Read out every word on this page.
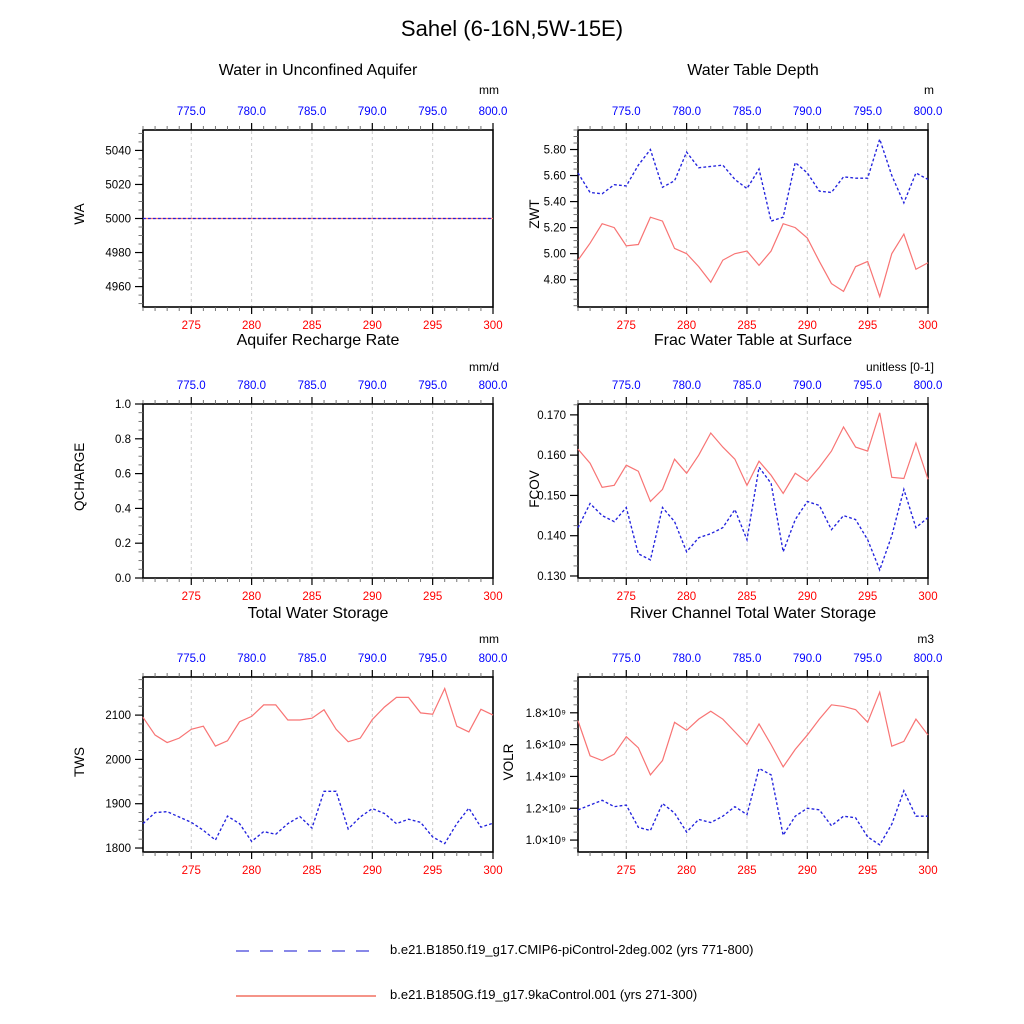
Sahel (6-16N,5W-15E)
Water in Unconfined Aquifer
mm
WA
775.0
275
780.0
280
785.0
285
790.0
290
795.0
295
800.0
300
4960
4980
5000
5020
5040
Water Table Depth
m
ZWT
775.0
275
780.0
280
785.0
285
790.0
290
795.0
295
800.0
300
4.80
5.00
5.20
5.40
5.60
5.80
Aquifer Recharge Rate
mm/d
QCHARGE
775.0
275
780.0
280
785.0
285
790.0
290
795.0
295
800.0
300
0.0
0.2
0.4
0.6
0.8
1.0
Frac Water Table at Surface
unitless [0-1]
FCOV
775.0
275
780.0
280
785.0
285
790.0
290
795.0
295
800.0
300
0.130
0.140
0.150
0.160
0.170
Total Water Storage
mm
TWS
775.0
275
780.0
280
785.0
285
790.0
290
795.0
295
800.0
300
1800
1900
2000
2100
River Channel Total Water Storage
m3
VOLR
775.0
275
780.0
280
785.0
285
790.0
290
795.0
295
800.0
300
1.0×10⁹
1.2×10⁹
1.4×10⁹
1.6×10⁹
1.8×10⁹
b.e21.B1850.f19_g17.CMIP6-piControl-2deg.002 (yrs 771-800)
b.e21.B1850G.f19_g17.9kaControl.001 (yrs 271-300)
